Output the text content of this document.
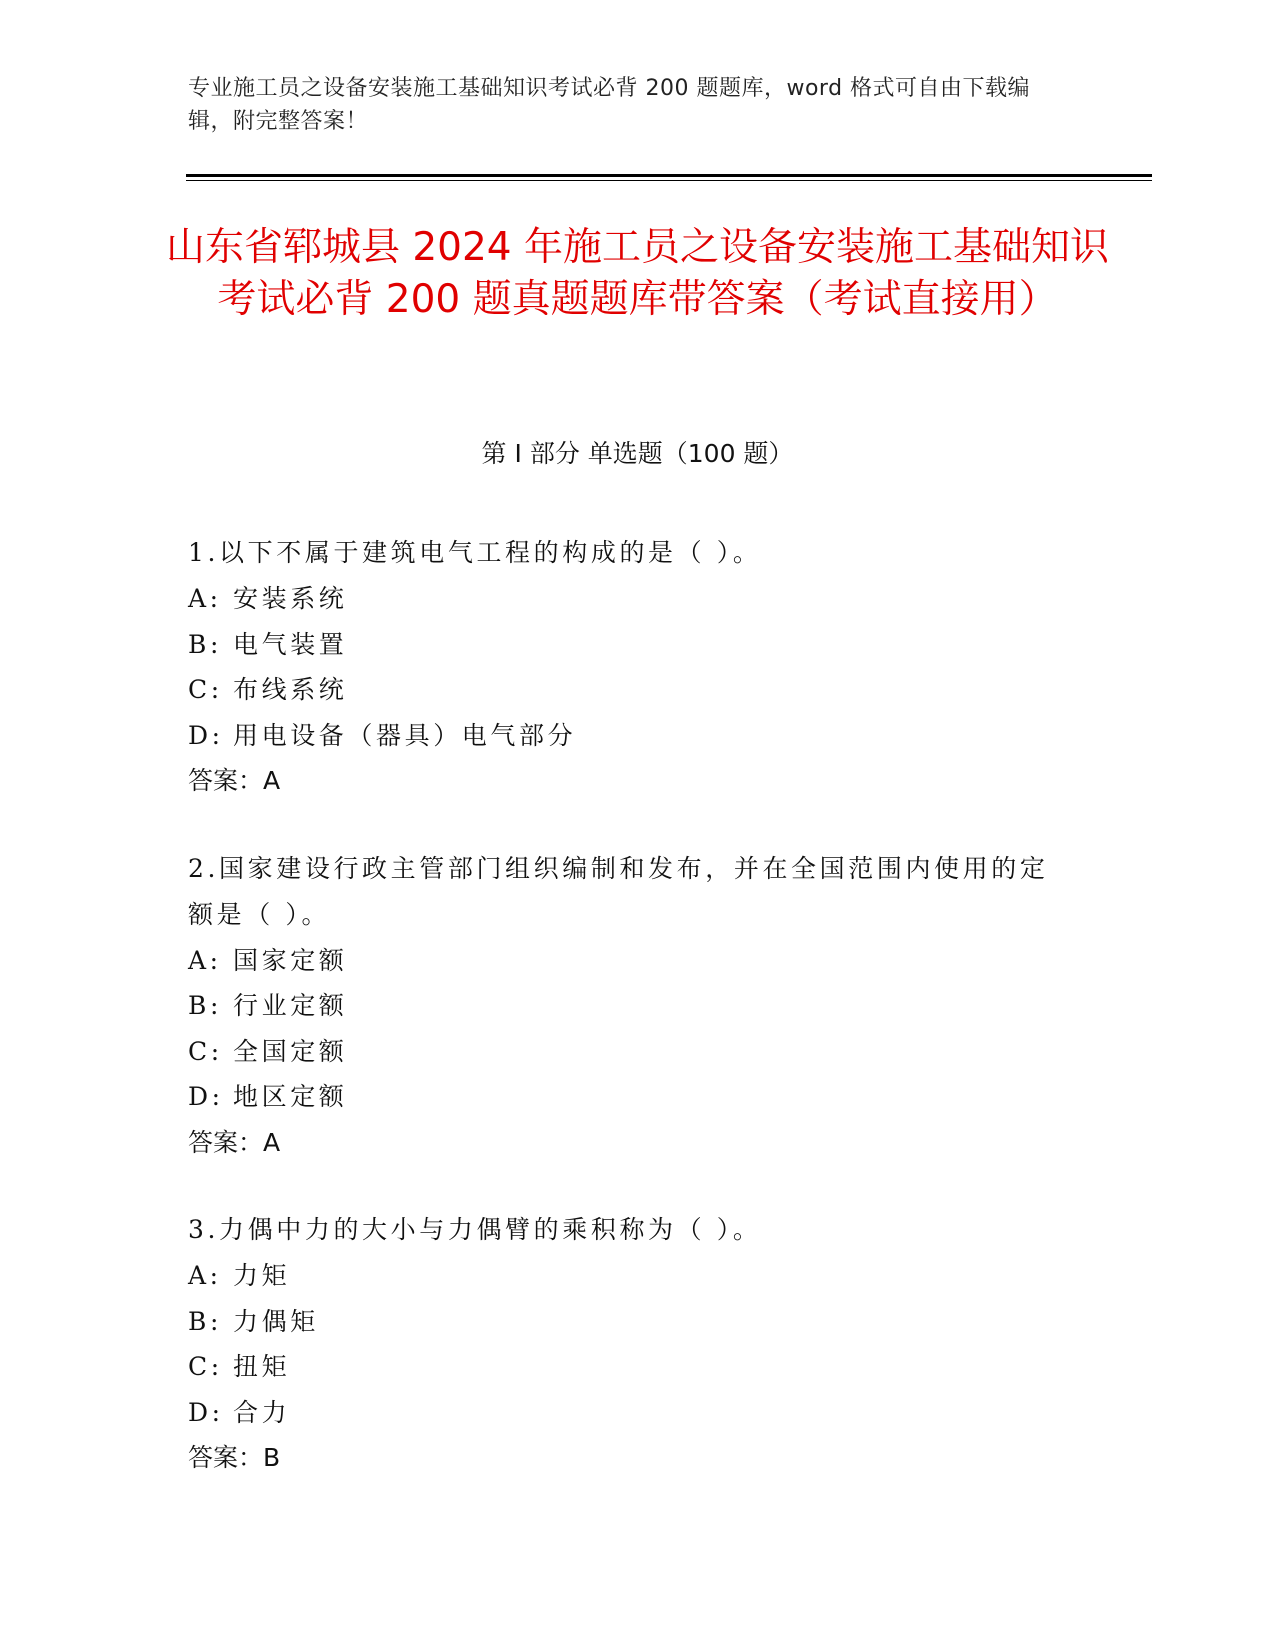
专业施工员之设备安装施工基础知识考试必背 200 题题库，word 格式可自由下载编辑，附完整答案！
山东省郓城县 2024 年施工员之设备安装施工基础知识考试必背 200 题真题题库带答案（考试直接用）
第 I 部分 单选题（100 题）
1.以下不属于建筑电气工程的构成的是（ ）。
A: 安装系统
B: 电气装置
C: 布线系统
D: 用电设备（器具）电气部分
答案：A
2.国家建设行政主管部门组织编制和发布，并在全国范围内使用的定额是（ ）。
A: 国家定额
B: 行业定额
C: 全国定额
D: 地区定额
答案：A
3.力偶中力的大小与力偶臂的乘积称为（ ）。
A: 力矩
B: 力偶矩
C: 扭矩
D: 合力
答案：B
